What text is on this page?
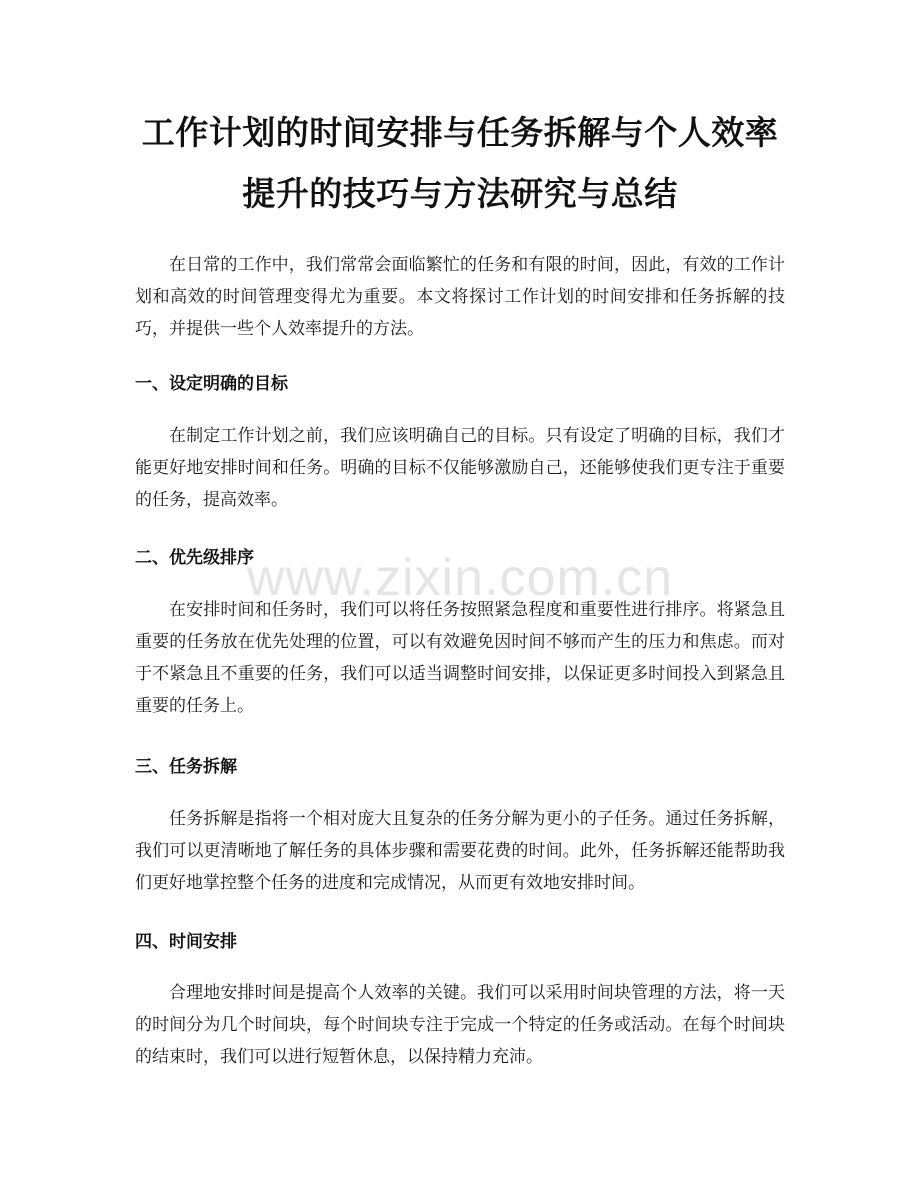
工作计划的时间安排与任务拆解与个人效率
提升的技巧与方法研究与总结

在日常的工作中，我们常常会面临繁忙的任务和有限的时间，因此，有效的工作计划和高效的时间管理变得尤为重要。本文将探讨工作计划的时间安排和任务拆解的技巧，并提供一些个人效率提升的方法。

一、设定明确的目标

在制定工作计划之前，我们应该明确自己的目标。只有设定了明确的目标，我们才能更好地安排时间和任务。明确的目标不仅能够激励自己，还能够使我们更专注于重要的任务，提高效率。

二、优先级排序

在安排时间和任务时，我们可以将任务按照紧急程度和重要性进行排序。将紧急且重要的任务放在优先处理的位置，可以有效避免因时间不够而产生的压力和焦虑。而对于不紧急且不重要的任务，我们可以适当调整时间安排，以保证更多时间投入到紧急且重要的任务上。

三、任务拆解

任务拆解是指将一个相对庞大且复杂的任务分解为更小的子任务。通过任务拆解，我们可以更清晰地了解任务的具体步骤和需要花费的时间。此外，任务拆解还能帮助我们更好地掌控整个任务的进度和完成情况，从而更有效地安排时间。

四、时间安排

合理地安排时间是提高个人效率的关键。我们可以采用时间块管理的方法，将一天的时间分为几个时间块，每个时间块专注于完成一个特定的任务或活动。在每个时间块的结束时，我们可以进行短暂休息，以保持精力充沛。

www.zixin.com.cn
